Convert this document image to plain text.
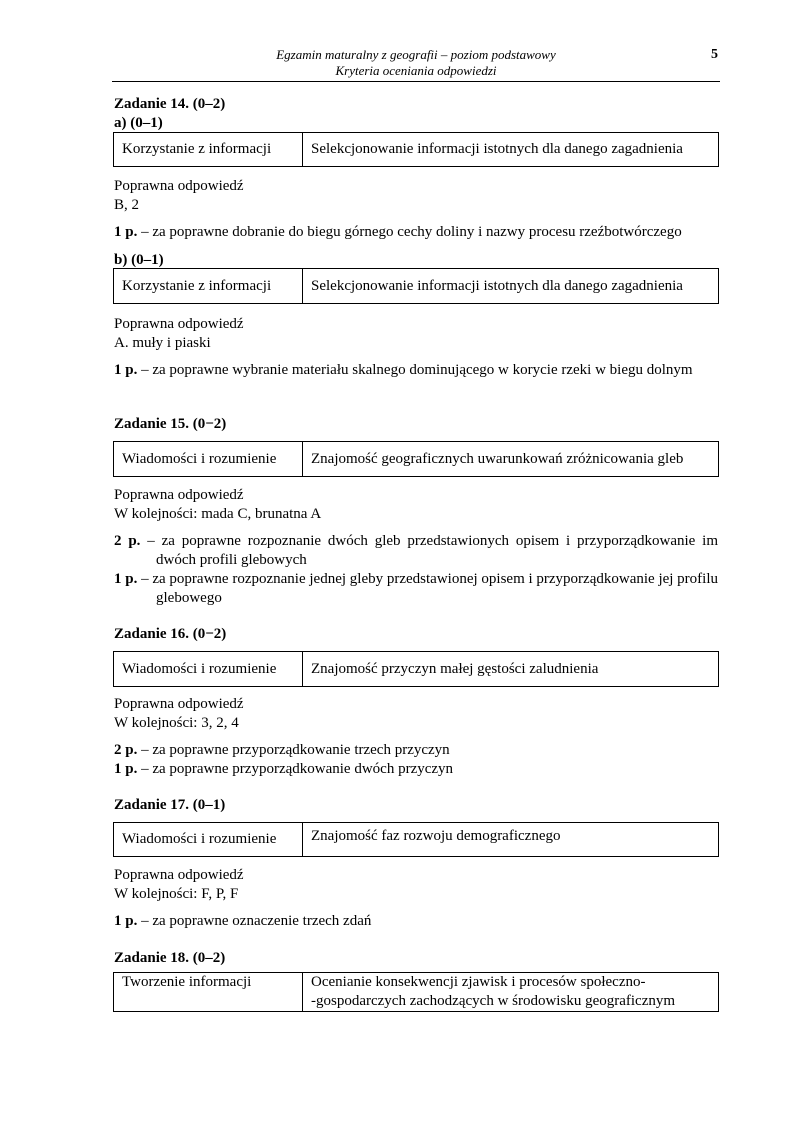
Egzamin maturalny z geografii – poziom podstawowy
Kryteria oceniania odpowiedzi
5
Zadanie 14. (0–2)
a) (0–1)
Korzystanie z informacji	Selekcjonowanie informacji istotnych dla danego zagadnienia
Poprawna odpowiedź
B, 2
1 p. – za poprawne dobranie do biegu górnego cechy doliny i nazwy procesu rzeźbotwórczego
b) (0–1)
Korzystanie z informacji	Selekcjonowanie informacji istotnych dla danego zagadnienia
Poprawna odpowiedź
A. muły i piaski
1 p. – za poprawne wybranie materiału skalnego dominującego w korycie rzeki w biegu dolnym
Zadanie 15. (0−2)
Wiadomości i rozumienie	Znajomość geograficznych uwarunkowań zróżnicowania gleb
Poprawna odpowiedź
W kolejności: mada C, brunatna A
2 p. – za poprawne rozpoznanie dwóch gleb przedstawionych opisem i przyporządkowanie im dwóch profili glebowych
1 p. – za poprawne rozpoznanie jednej gleby przedstawionej opisem i przyporządkowanie jej profilu glebowego
Zadanie 16. (0−2)
Wiadomości i rozumienie	Znajomość przyczyn małej gęstości zaludnienia
Poprawna odpowiedź
W kolejności: 3, 2, 4
2 p. – za poprawne przyporządkowanie trzech przyczyn
1 p. – za poprawne przyporządkowanie dwóch przyczyn
Zadanie 17. (0–1)
Wiadomości i rozumienie	Znajomość faz rozwoju demograficznego
Poprawna odpowiedź
W kolejności: F, P, F
1 p. – za poprawne oznaczenie trzech zdań
Zadanie 18. (0–2)
Tworzenie informacji	Ocenianie konsekwencji zjawisk i procesów społeczno-
-gospodarczych zachodzących w środowisku geograficznym
